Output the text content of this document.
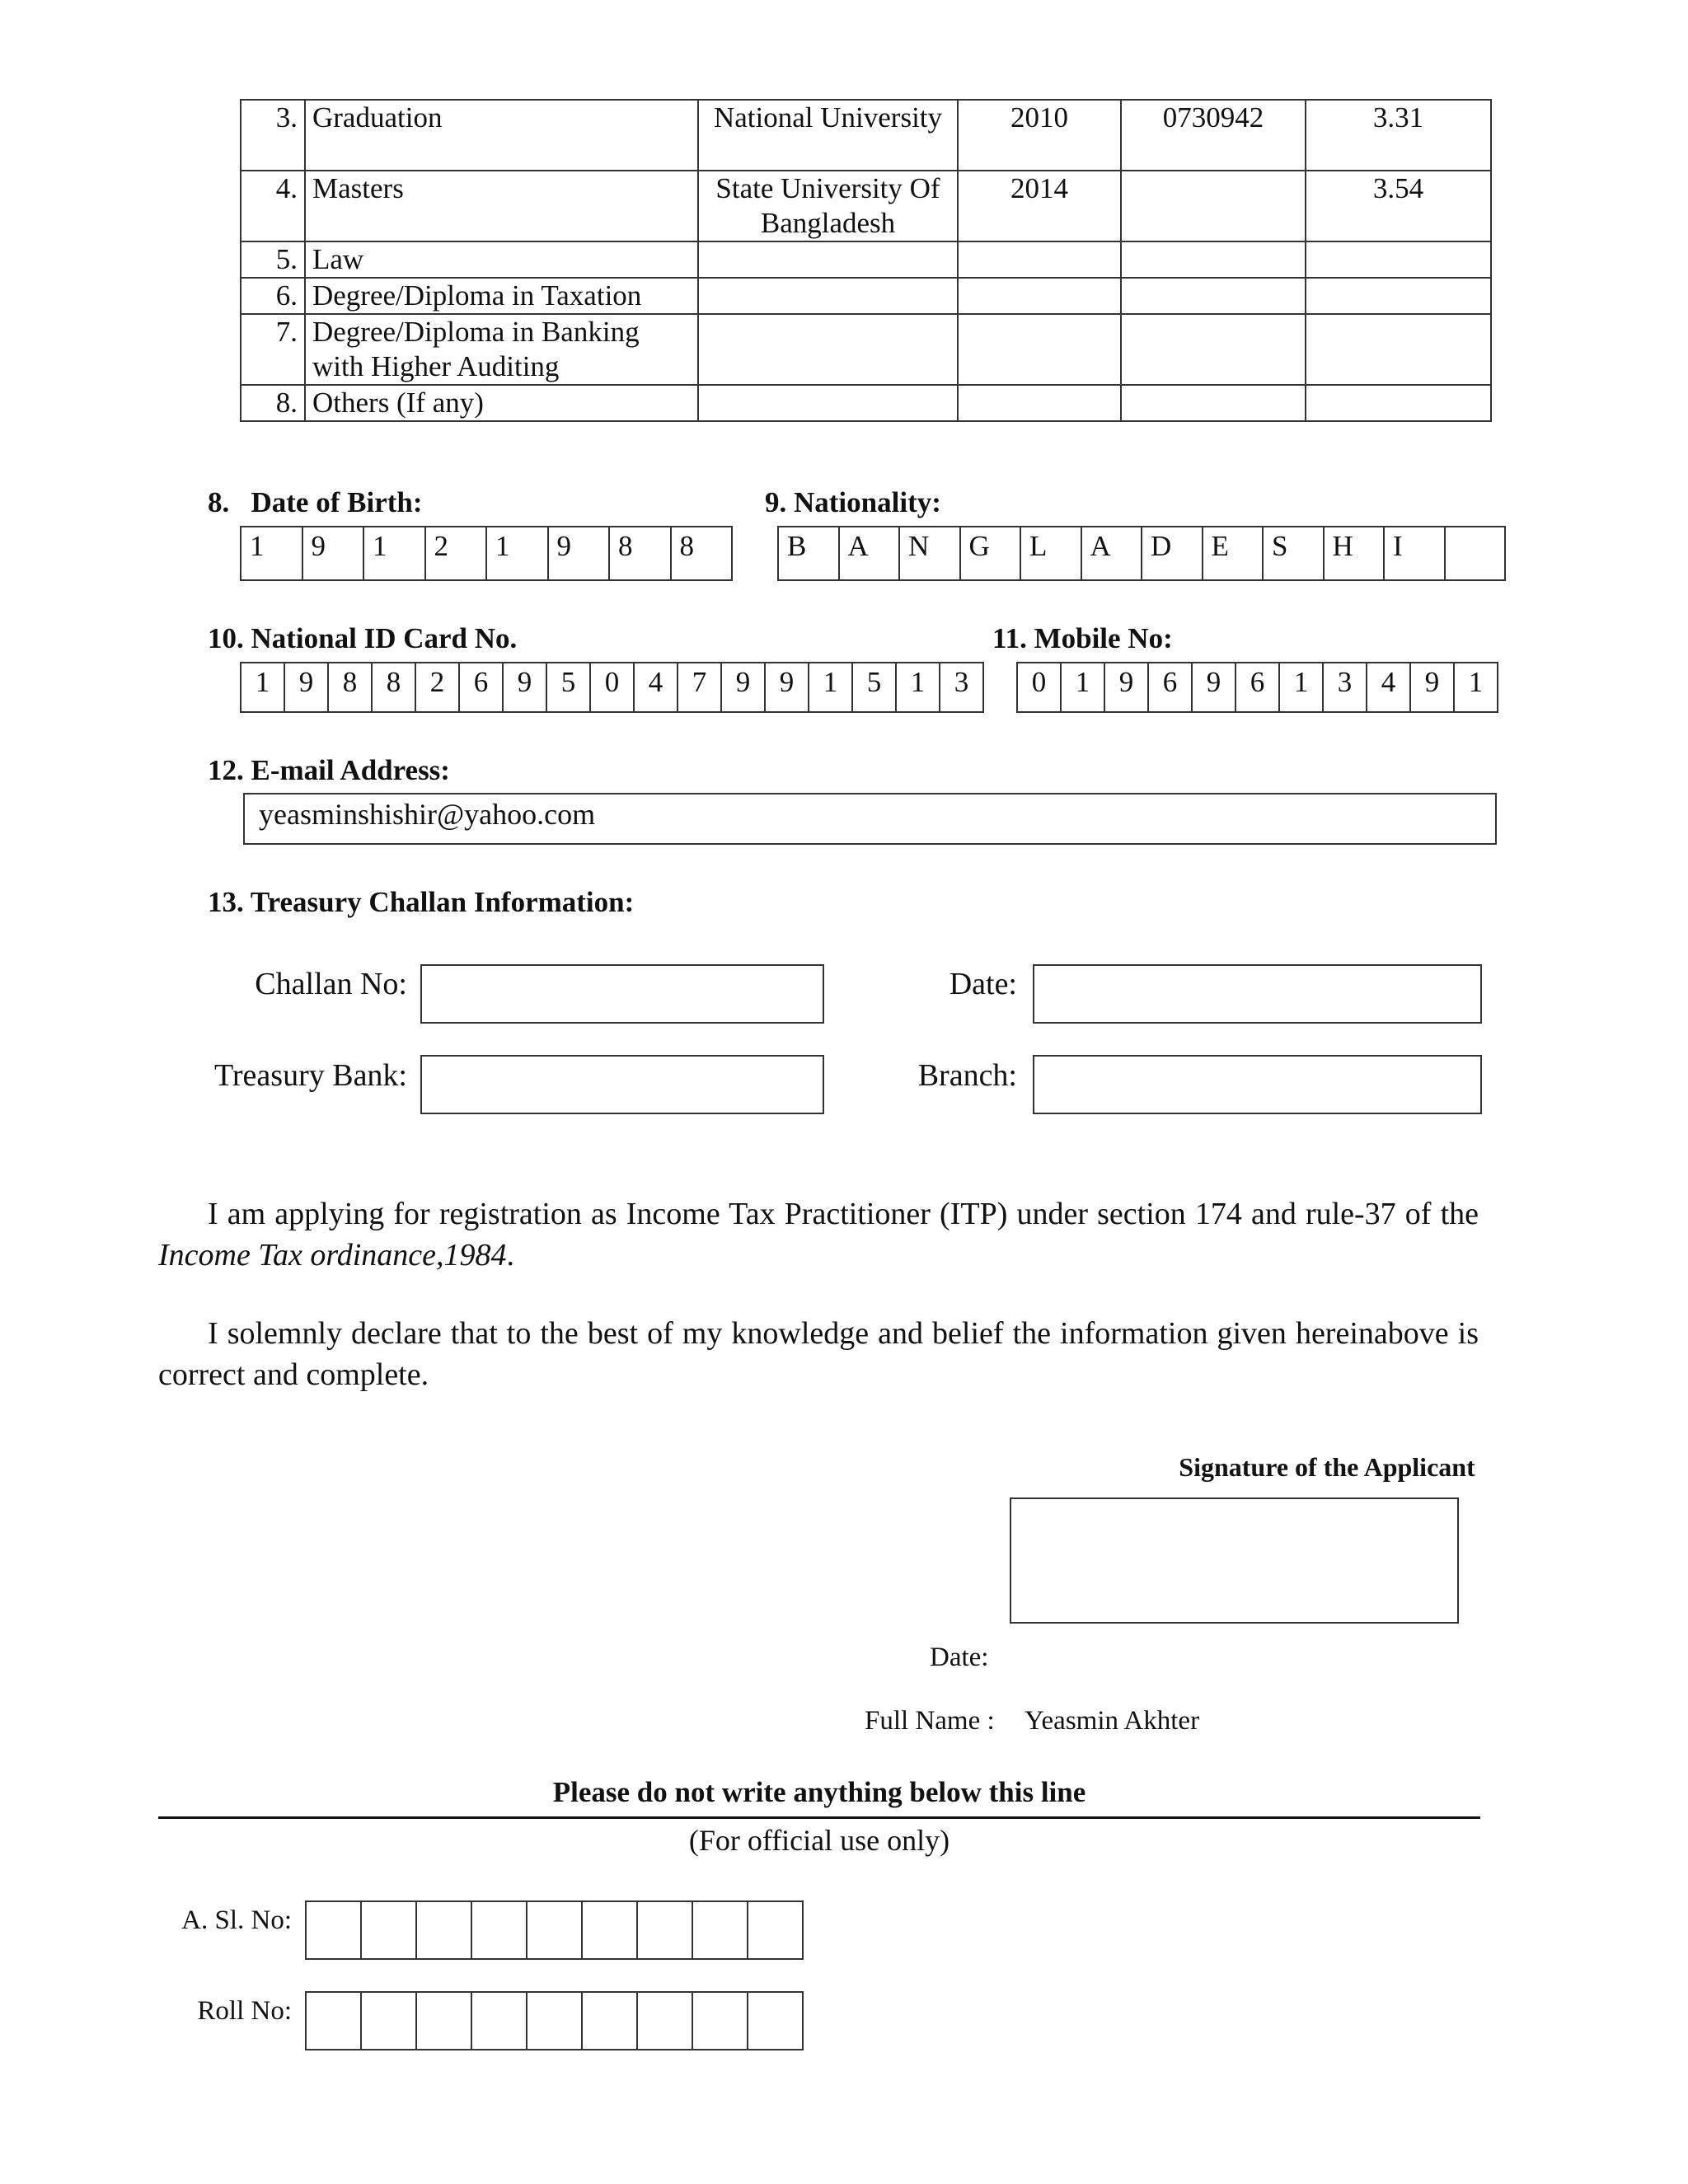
3.	Graduation	National University	2010	0730942	3.31
4.	Masters	State University Of Bangladesh	2014		3.54
5.	Law				
6.	Degree/Diploma in Taxation				
7.	Degree/Diploma in Banking with Higher Auditing				
8.	Others (If any)				
8. Date of Birth:
1	9	1	2	1	9	8	8
9. Nationality:
B	A	N	G	L	A	D	E	S	H	I
10. National ID Card No.
1	9	8	8	2	6	9	5	0	4	7	9	9	1	5	1	3
11. Mobile No:
0	1	9	6	9	6	1	3	4	9	1
12. E-mail Address:
yeasminshishir@yahoo.com
13. Treasury Challan Information:
Challan No:	Date:
Treasury Bank:	Branch:
I am applying for registration as Income Tax Practitioner (ITP) under section 174 and rule-37 of the Income Tax ordinance,1984.
I solemnly declare that to the best of my knowledge and belief the information given hereinabove is correct and complete.
Signature of the Applicant
Date:
Full Name : Yeasmin Akhter
Please do not write anything below this line
(For official use only)
A. Sl. No:
Roll No:
